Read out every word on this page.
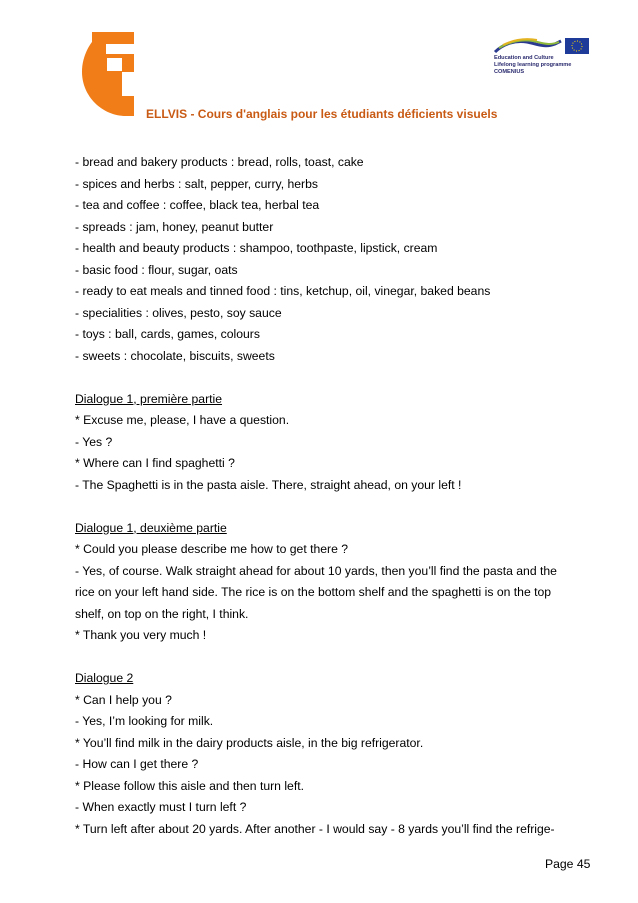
Education and Culture
Lifelong learning programme
COMENIUS
ELLVIS - Cours d'anglais pour les étudiants déficients visuels
- bread and bakery products : bread, rolls, toast, cake
- spices and herbs : salt, pepper, curry, herbs
- tea and coffee : coffee, black tea, herbal tea
- spreads : jam, honey, peanut butter
- health and beauty products : shampoo, toothpaste, lipstick, cream
- basic food : flour, sugar, oats
- ready to eat meals and tinned food : tins, ketchup, oil, vinegar, baked beans
- specialities : olives, pesto, soy sauce
- toys : ball, cards, games, colours
- sweets : chocolate, biscuits, sweets
Dialogue 1, première partie
* Excuse me, please, I have a question.
- Yes ?
* Where can I find spaghetti ?
- The Spaghetti is in the pasta aisle. There, straight ahead, on your left !
Dialogue 1, deuxième partie
* Could you please describe me how to get there ?
- Yes, of course. Walk straight ahead for about 10 yards, then you’ll find the pasta and the
rice on your left hand side. The rice is on the bottom shelf and the spaghetti is on the top
shelf, on top on the right, I think.
* Thank you very much !
Dialogue 2
* Can I help you ?
- Yes, I’m looking for milk.
* You’ll find milk in the dairy products aisle, in the big refrigerator.
- How can I get there ?
* Please follow this aisle and then turn left.
- When exactly must I turn left ?
* Turn left after about 20 yards. After another - I would say - 8 yards you’ll find the refrige-
Page 45
